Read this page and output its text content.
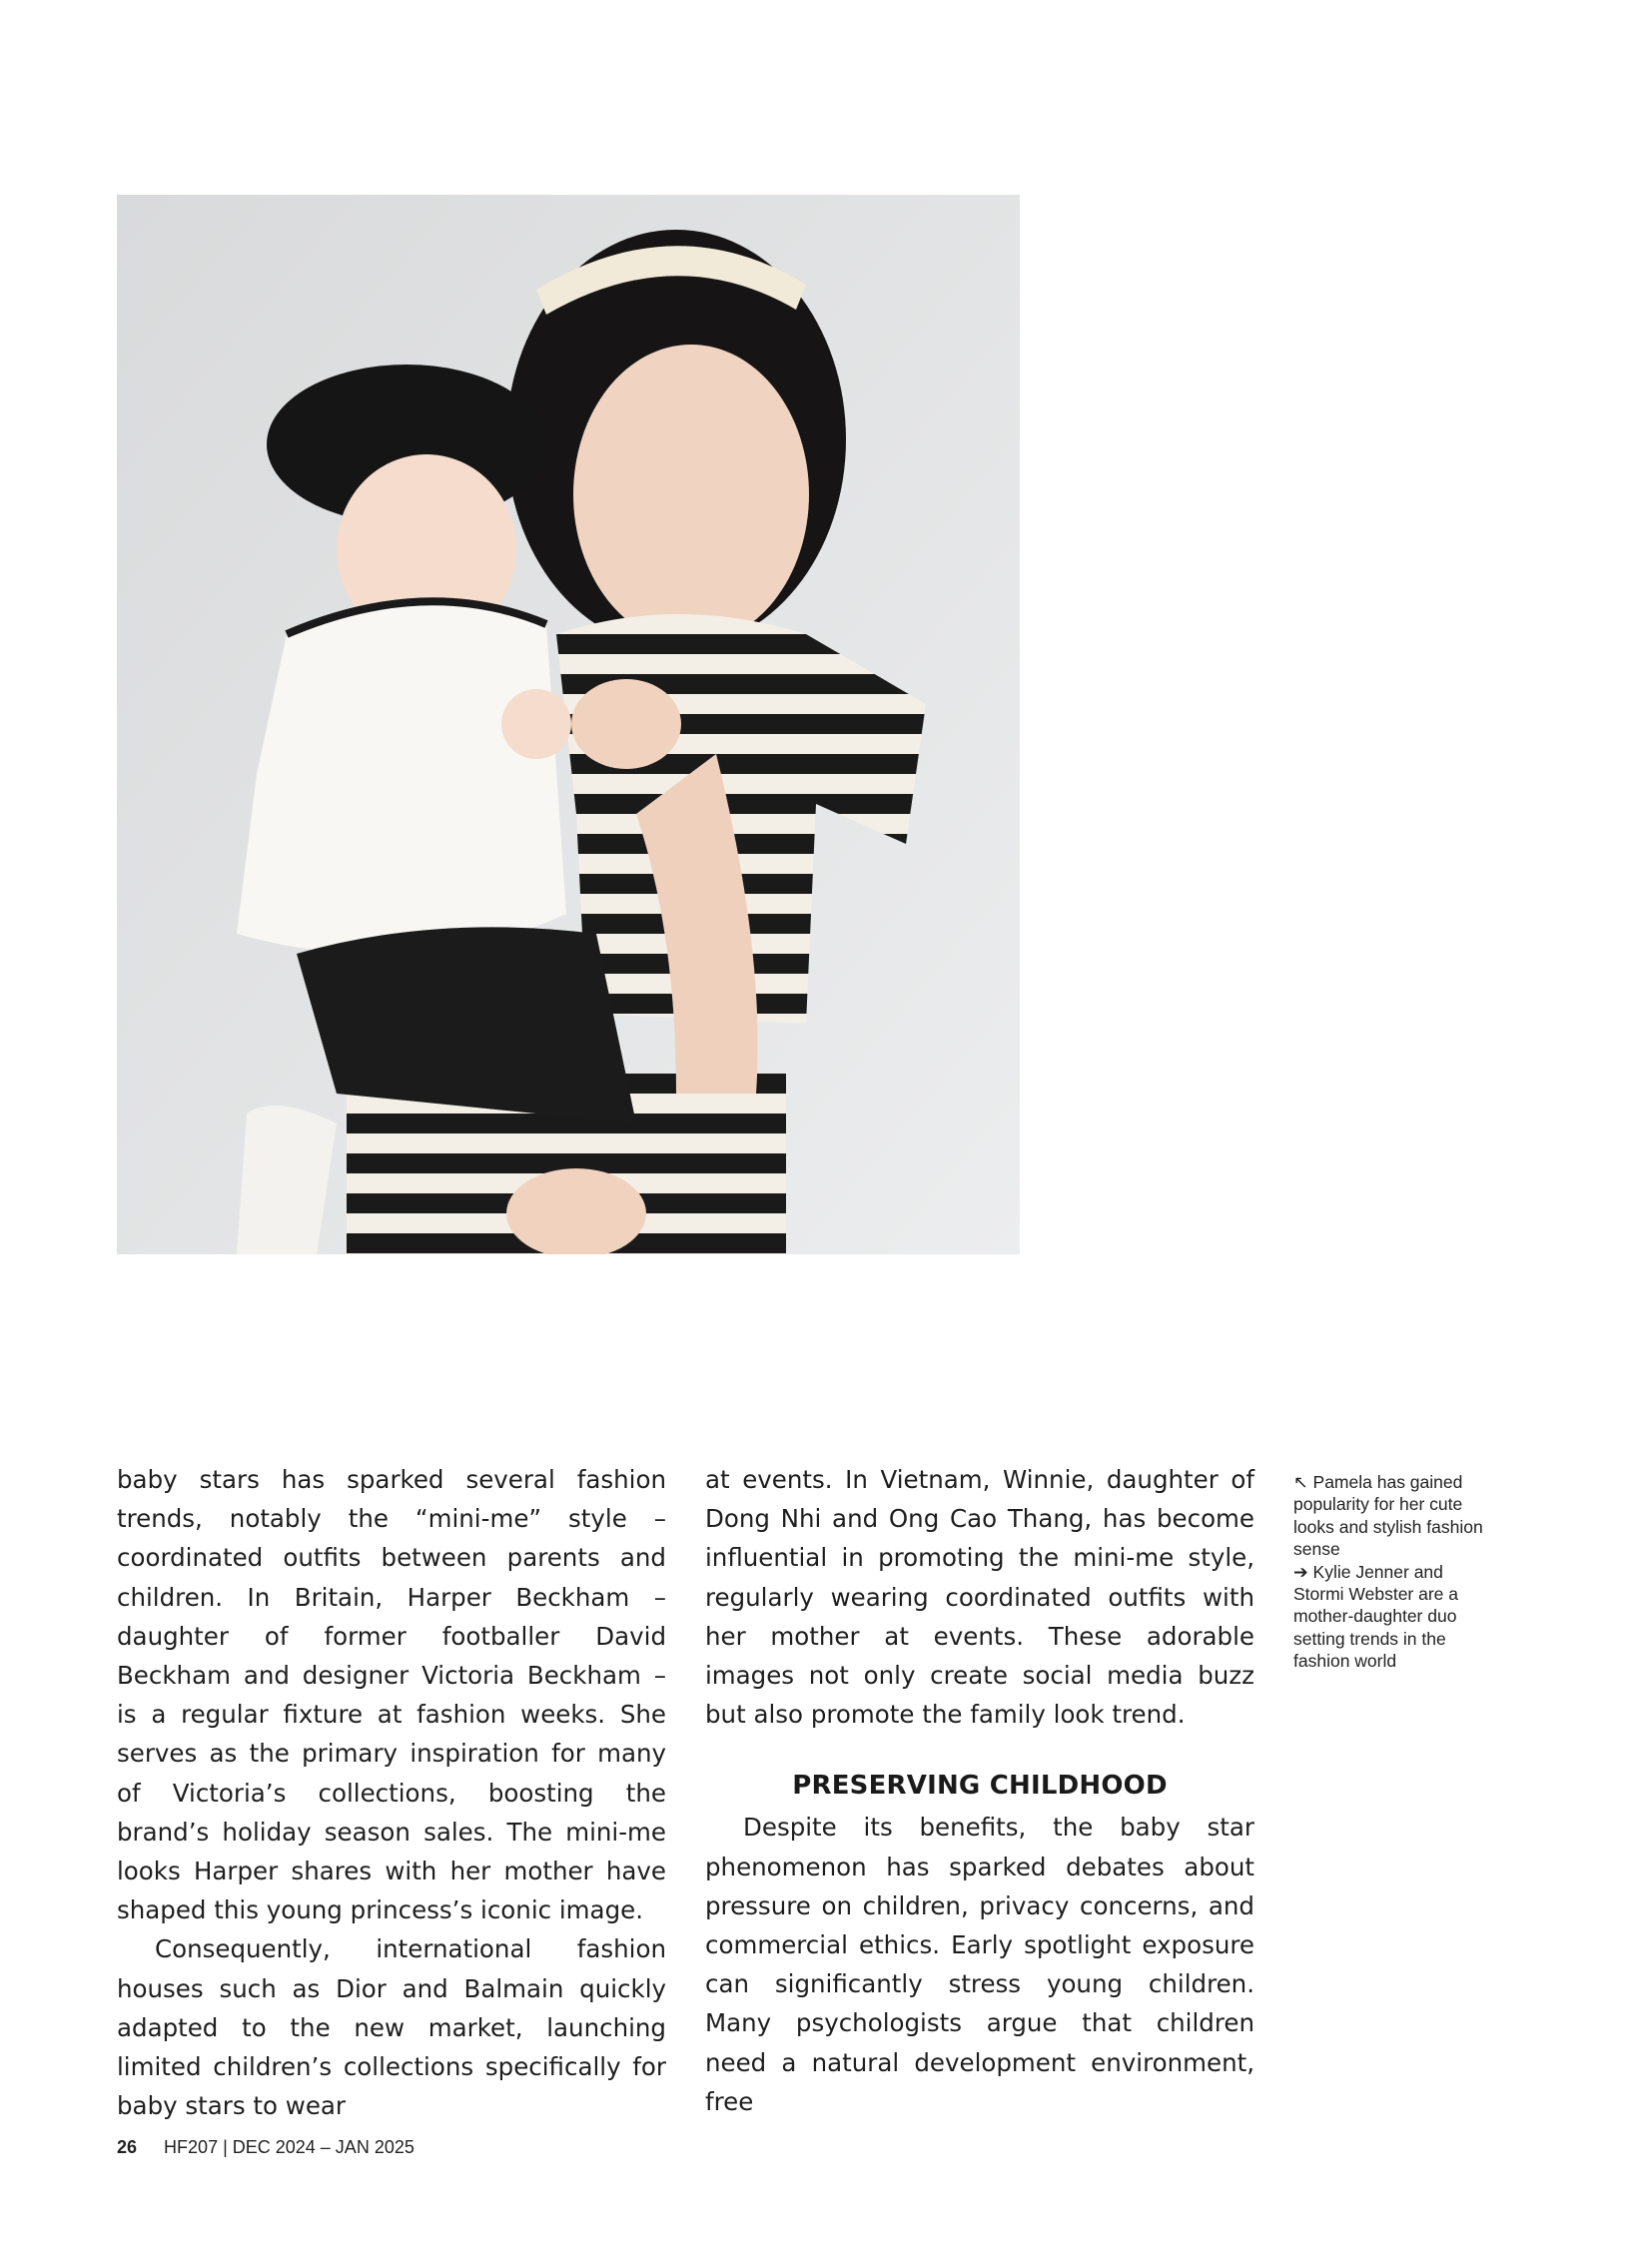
baby stars has sparked several fashion trends, notably the “mini-me” style – coordinated outfits between parents and children. In Britain, Harper Beckham – daughter of former footballer David Beckham and designer Victoria Beckham – is a regular fixture at fashion weeks. She serves as the primary inspiration for many of Victoria’s collections, boosting the brand’s holiday season sales. The mini-me looks Harper shares with her mother have shaped this young princess’s iconic image.

Consequently, international fashion houses such as Dior and Balmain quickly adapted to the new market, launching limited children’s collections specifically for baby stars to wear

at events. In Vietnam, Winnie, daughter of Dong Nhi and Ong Cao Thang, has become influential in promoting the mini-me style, regularly wearing coordinated outfits with her mother at events. These adorable images not only create social media buzz but also promote the family look trend.

PRESERVING CHILDHOOD

Despite its benefits, the baby star phenomenon has sparked debates about pressure on children, privacy concerns, and commercial ethics. Early spotlight exposure can significantly stress young children. Many psychologists argue that children need a natural development environment, free

↖ Pamela has gained popularity for her cute looks and stylish fashion sense
➔ Kylie Jenner and Stormi Webster are a mother-daughter duo setting trends in the fashion world
26 HF207 | DEC 2024 – JAN 2025
